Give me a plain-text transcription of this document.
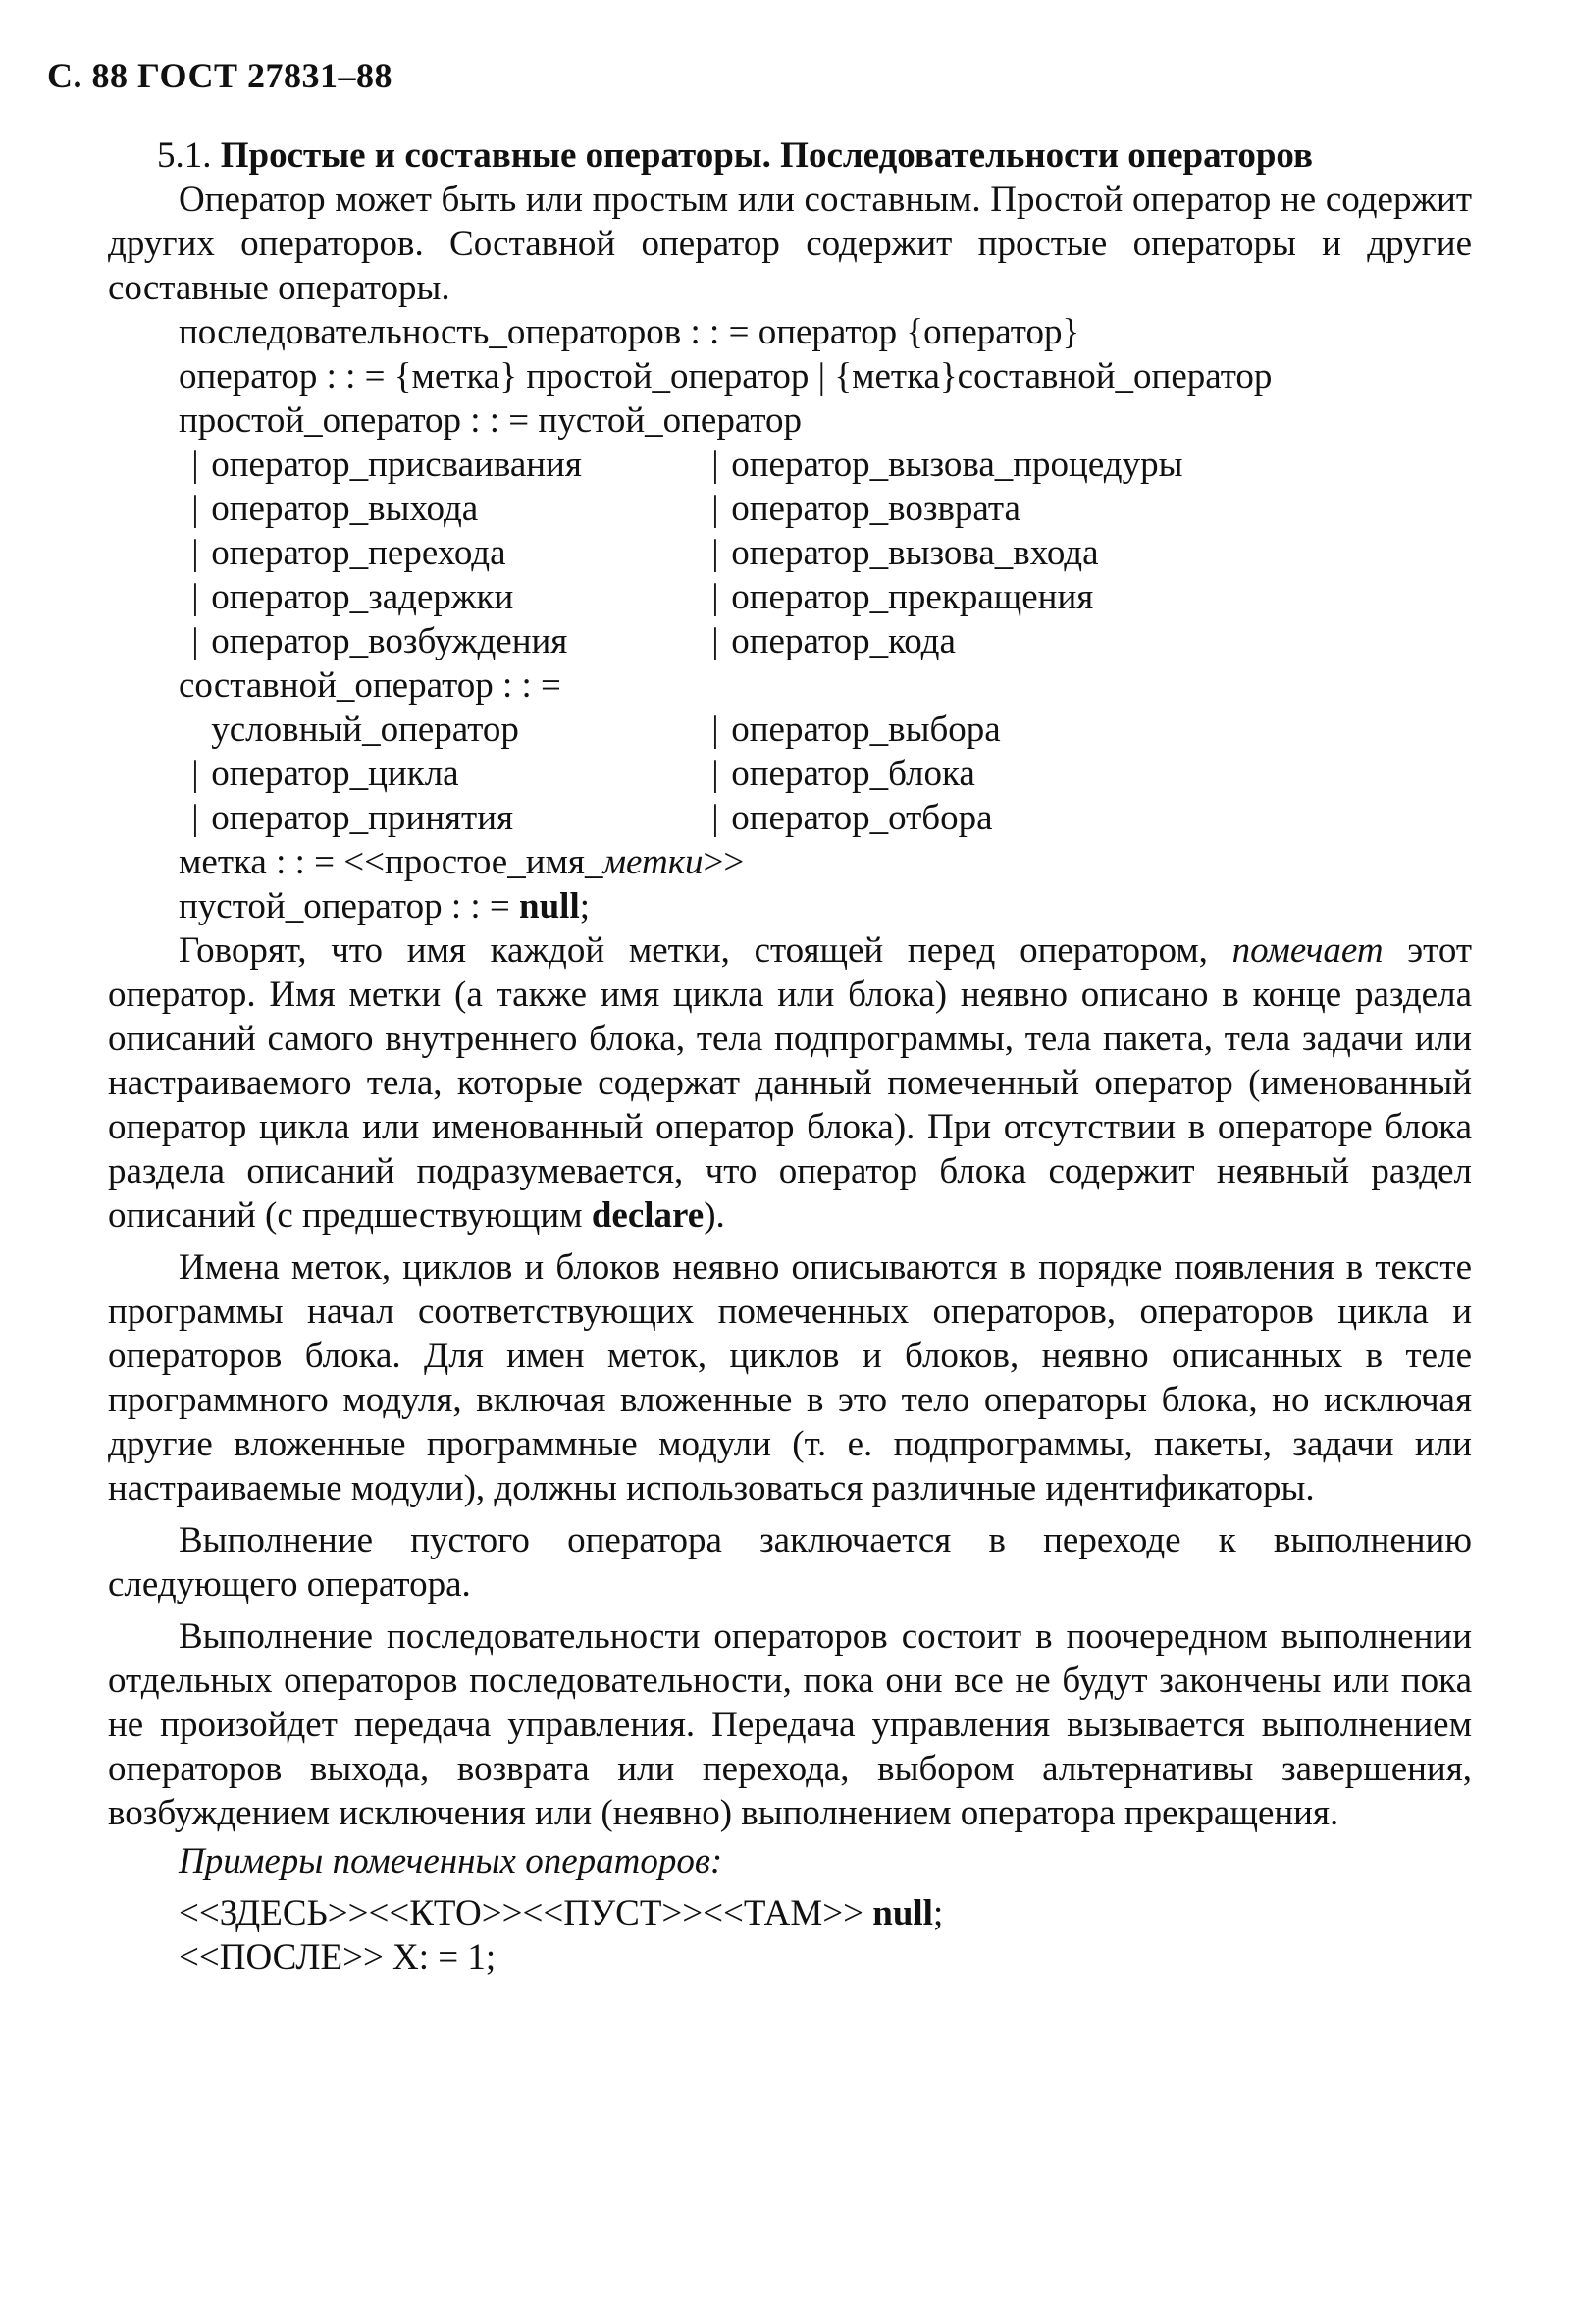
С. 88 ГОСТ 27831–88

5.1. Простые и составные операторы. Последовательности операторов

Оператор может быть или простым или составным. Простой оператор не содержит других операторов. Составной оператор содержит простые операторы и другие составные операторы.

последовательность_операторов : : = оператор {оператор}
оператор : : = {метка} простой_оператор | {метка}составной_оператор
простой_оператор : : = пустой_оператор
| оператор_присваивания	| оператор_вызова_процедуры
| оператор_выхода	| оператор_возврата
| оператор_перехода	| оператор_вызова_входа
| оператор_задержки	| оператор_прекращения
| оператор_возбуждения	| оператор_кода
составной_оператор : : =
условный_оператор	| оператор_выбора
| оператор_цикла	| оператор_блока
| оператор_принятия	| оператор_отбора
метка : : = <<простое_имя_метки>>
пустой_оператор : : = null;

Говорят, что имя каждой метки, стоящей перед оператором, помечает этот оператор. Имя метки (а также имя цикла или блока) неявно описано в конце раздела описаний самого внутреннего блока, тела подпрограммы, тела пакета, тела задачи или настраиваемого тела, которые содержат данный помеченный оператор (именованный оператор цикла или именованный оператор блока). При отсутствии в операторе блока раздела описаний подразумевается, что оператор блока содержит неявный раздел описаний (с предшествующим declare).

Имена меток, циклов и блоков неявно описываются в порядке появления в тексте программы начал соответствующих помеченных операторов, операторов цикла и операторов блока. Для имен меток, циклов и блоков, неявно описанных в теле программного модуля, включая вложенные в это тело операторы блока, но исключая другие вложенные программные модули (т. е. подпрограммы, пакеты, задачи или настраиваемые модули), должны использоваться различные идентификаторы.

Выполнение пустого оператора заключается в переходе к выполнению следующего оператора.

Выполнение последовательности операторов состоит в поочередном выполнении отдельных операторов последовательности, пока они все не будут закончены или пока не произойдет передача управления. Передача управления вызывается выполнением операторов выхода, возврата или перехода, выбором альтернативы завершения, возбуждением исключения или (неявно) выполнением оператора прекращения.

Примеры помеченных операторов:
<<ЗДЕСЬ>><<КТО>><<ПУСТ>><<ТАМ>> null;
<<ПОСЛЕ>> X: = 1;
